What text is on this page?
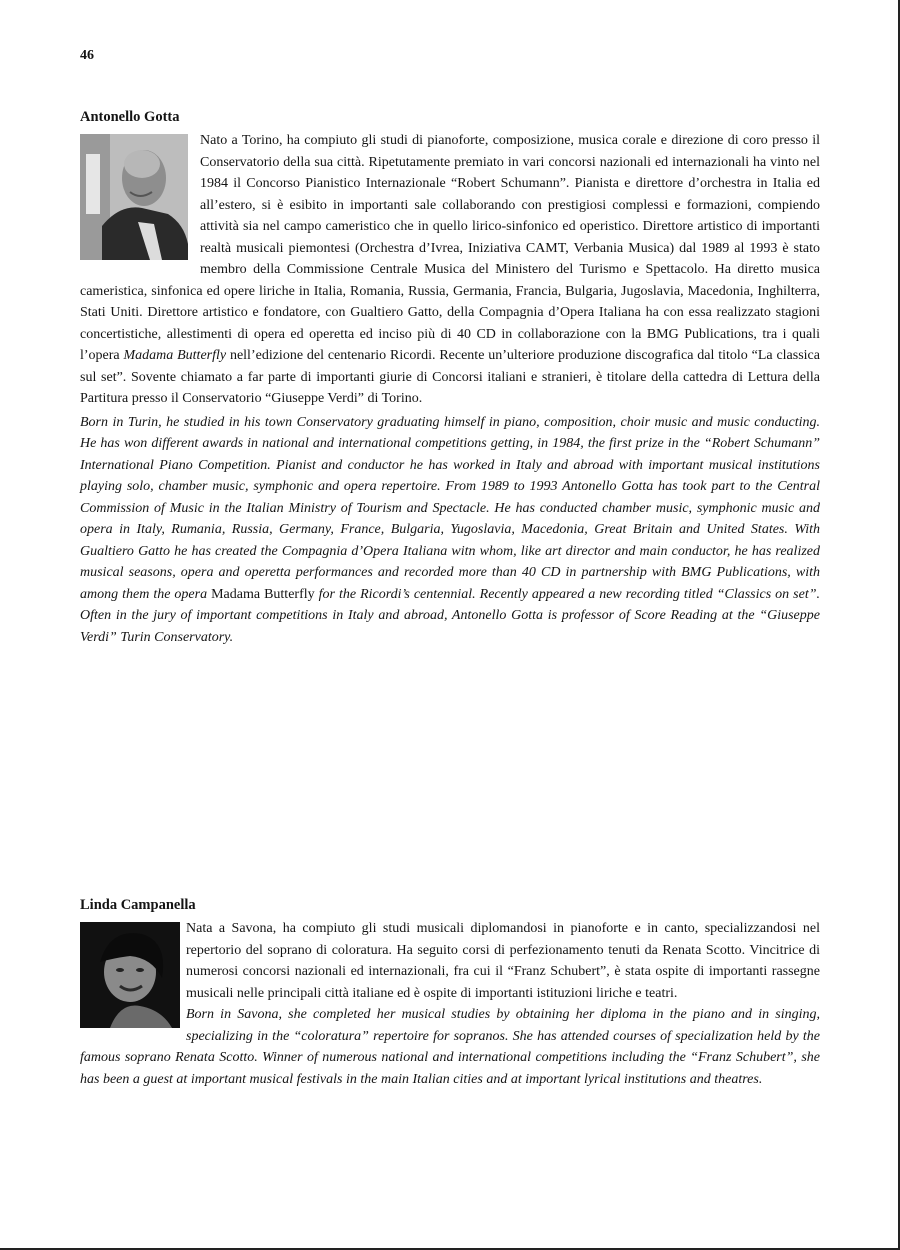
46
Antonello Gotta

Nato a Torino, ha compiuto gli studi di pianoforte, composizione, musica corale e direzione di coro presso il Conservatorio della sua città. Ripetutamente premiato in vari concorsi nazionali ed internazionali ha vinto nel 1984 il Concorso Pianistico Internazionale “Robert Schumann”. Pianista e direttore d’orchestra in Italia ed all’estero, si è esibito in importanti sale collaborando con prestigiosi complessi e formazioni, compiendo attività sia nel campo cameristico che in quello lirico-sinfonico ed operistico. Direttore artistico di importanti realtà musicali piemontesi (Orchestra d’Ivrea, Iniziativa CAMT, Verbania Musica) dal 1989 al 1993 è stato membro della Commissione Centrale Musica del Ministero del Turismo e Spettacolo. Ha diretto musica cameristica, sinfonica ed opere liriche in Italia, Romania, Russia, Germania, Francia, Bulgaria, Jugoslavia, Macedonia, Inghilterra, Stati Uniti. Direttore artistico e fondatore, con Gualtiero Gatto, della Compagnia d’Opera Italiana ha con essa realizzato stagioni concertistiche, allestimenti di opera ed operetta ed inciso più di 40 CD in collaborazione con la BMG Publications, tra i quali l’opera Madama Butterfly nell’edizione del centenario Ricordi. Recente un’ulteriore produzione discografica dal titolo “La classica sul set”. Sovente chiamato a far parte di importanti giurie di Concorsi italiani e stranieri, è titolare della cattedra di Lettura della Partitura presso il Conservatorio “Giuseppe Verdi” di Torino.

Born in Turin, he studied in his town Conservatory graduating himself in piano, composition, choir music and music conducting. He has won different awards in national and international competitions getting, in 1984, the first prize in the “Robert Schumann” International Piano Competition. Pianist and conductor he has worked in Italy and abroad with important musical institutions playing solo, chamber music, symphonic and opera repertoire. From 1989 to 1993 Antonello Gotta has took part to the Central Commission of Music in the Italian Ministry of Tourism and Spectacle. He has conducted chamber music, symphonic music and opera in Italy, Rumania, Russia, Germany, France, Bulgaria, Yugoslavia, Macedonia, Great Britain and United States. With Gualtiero Gatto he has created the Compagnia d’Opera Italiana witn whom, like art director and main conductor, he has realized musical seasons, opera and operetta performances and recorded more than 40 CD in partnership with BMG Publications, with among them the opera Madama Butterfly for the Ricordi’s centennial. Recently appeared a new recording titled “Classics on set”. Often in the jury of important competitions in Italy and abroad, Antonello Gotta is professor of Score Reading at the “Giuseppe Verdi” Turin Conservatory.

Linda Campanella

Nata a Savona, ha compiuto gli studi musicali diplomandosi in pianoforte e in canto, specializzandosi nel repertorio del soprano di coloratura. Ha seguito corsi di perfezionamento tenuti da Renata Scotto. Vincitrice di numerosi concorsi nazionali ed internazionali, fra cui il “Franz Schubert”, è stata ospite di importanti rassegne musicali nelle principali città italiane ed è ospite di importanti istituzioni liriche e teatri.

Born in Savona, she completed her musical studies by obtaining her diploma in the piano and in singing, specializing in the “coloratura” repertoire for sopranos. She has attended courses of specialization held by the famous soprano Renata Scotto. Winner of numerous national and international competitions including the “Franz Schubert”, she has been a guest at important musical festivals in the main Italian cities and at important lyrical institutions and theatres.
